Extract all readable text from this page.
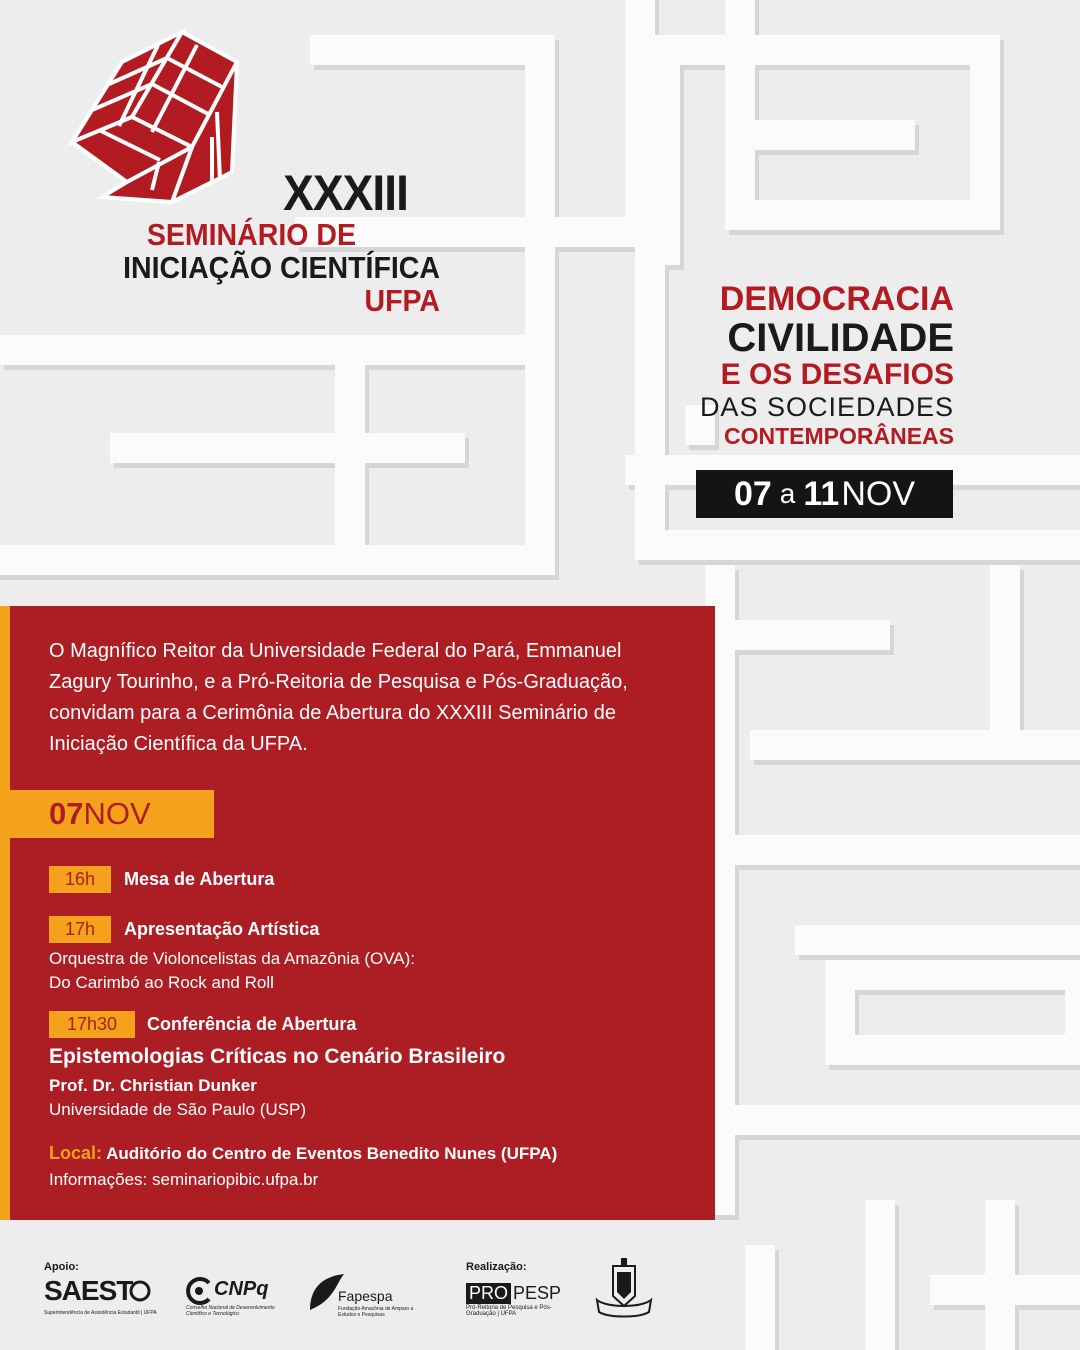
XXXIII
SEMINÁRIO DE
INICIAÇÃO CIENTÍFICA
UFPA	DEMOCRACIA
CIVILIDADE
E OS DESAFIOS
DAS SOCIEDADES
CONTEMPORÂNEAS
07 a 11 NOV
O Magnífico Reitor da Universidade Federal do Pará, Emmanuel Zagury Tourinho, e a Pró-Reitoria de Pesquisa e Pós-Graduação, convidam para a Cerimônia de Abertura do XXXIII Seminário de Iniciação Científica da UFPA.
07 NOV
16h	Mesa de Abertura
17h	Apresentação Artística
Orquestra de Violoncelistas da Amazônia (OVA):
Do Carimbó ao Rock and Roll
17h30	Conferência de Abertura
Epistemologias Críticas no Cenário Brasileiro
Prof. Dr. Christian Dunker
Universidade de São Paulo (USP)
Local: Auditório do Centro de Eventos Benedito Nunes (UFPA)
Informações: seminariopibic.ufpa.br
Apoio:
SAEST
Superintendência de Assistência Estudantil | UFPA
CNPq
Conselho Nacional de Desenvolvimento Científico e Tecnológico
Fapespa
Fundação Amazônia de Amparo a Estudos e Pesquisas
Realização:
PRO PESP
Pró-Reitoria de Pesquisa e Pós-Graduação | UFPA
